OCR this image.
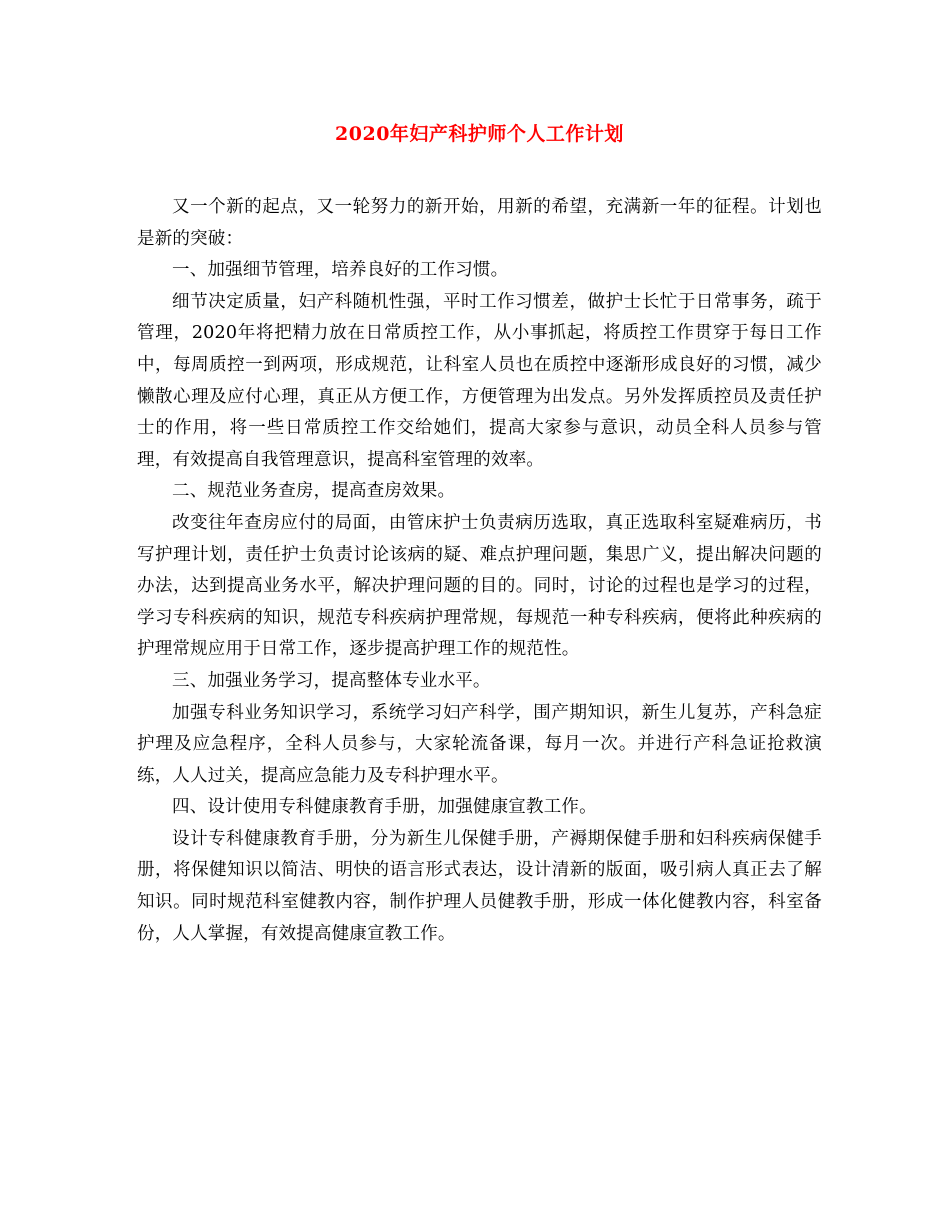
2020年妇产科护师个人工作计划

又一个新的起点，又一轮努力的新开始，用新的希望，充满新一年的征程。计划也是新的突破：

一、加强细节管理，培养良好的工作习惯。

细节决定质量，妇产科随机性强，平时工作习惯差，做护士长忙于日常事务，疏于管理，2020年将把精力放在日常质控工作，从小事抓起，将质控工作贯穿于每日工作中，每周质控一到两项，形成规范，让科室人员也在质控中逐渐形成良好的习惯，减少懒散心理及应付心理，真正从方便工作，方便管理为出发点。另外发挥质控员及责任护士的作用，将一些日常质控工作交给她们，提高大家参与意识，动员全科人员参与管理，有效提高自我管理意识，提高科室管理的效率。

二、规范业务查房，提高查房效果。

改变往年查房应付的局面，由管床护士负责病历选取，真正选取科室疑难病历，书写护理计划，责任护士负责讨论该病的疑、难点护理问题，集思广义，提出解决问题的办法，达到提高业务水平，解决护理问题的目的。同时，讨论的过程也是学习的过程，学习专科疾病的知识，规范专科疾病护理常规，每规范一种专科疾病，便将此种疾病的护理常规应用于日常工作，逐步提高护理工作的规范性。

三、加强业务学习，提高整体专业水平。

加强专科业务知识学习，系统学习妇产科学，围产期知识，新生儿复苏，产科急症护理及应急程序，全科人员参与，大家轮流备课，每月一次。并进行产科急证抢救演练，人人过关，提高应急能力及专科护理水平。

四、设计使用专科健康教育手册，加强健康宣教工作。

设计专科健康教育手册，分为新生儿保健手册，产褥期保健手册和妇科疾病保健手册，将保健知识以简洁、明快的语言形式表达，设计清新的版面，吸引病人真正去了解知识。同时规范科室健教内容，制作护理人员健教手册，形成一体化健教内容，科室备份，人人掌握，有效提高健康宣教工作。
